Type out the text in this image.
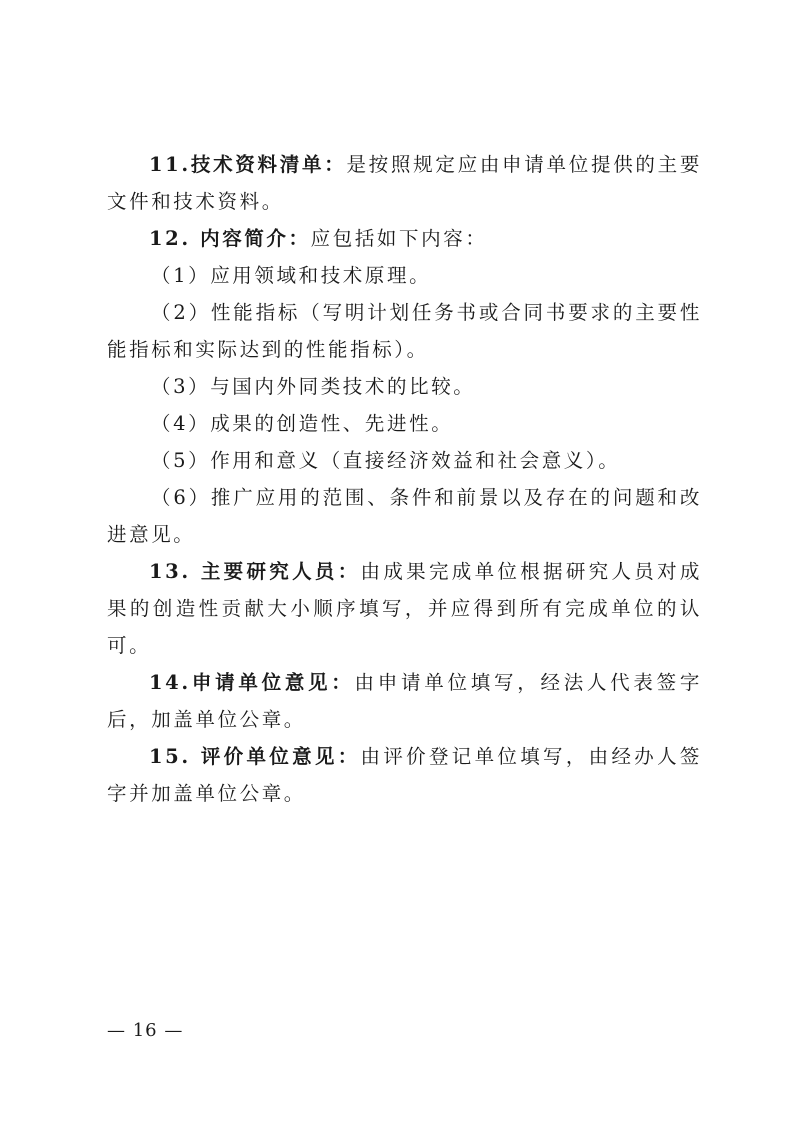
11.技术资料清单：是按照规定应由申请单位提供的主要文件和技术资料。

12. 内容简介：应包括如下内容：

（1）应用领域和技术原理。

（2）性能指标（写明计划任务书或合同书要求的主要性能指标和实际达到的性能指标）。

（3）与国内外同类技术的比较。

（4）成果的创造性、先进性。

（5）作用和意义（直接经济效益和社会意义）。

（6）推广应用的范围、条件和前景以及存在的问题和改进意见。

13. 主要研究人员：由成果完成单位根据研究人员对成果的创造性贡献大小顺序填写，并应得到所有完成单位的认可。

14.申请单位意见：由申请单位填写，经法人代表签字后，加盖单位公章。

15. 评价单位意见：由评价登记单位填写，由经办人签字并加盖单位公章。

— 16 —
